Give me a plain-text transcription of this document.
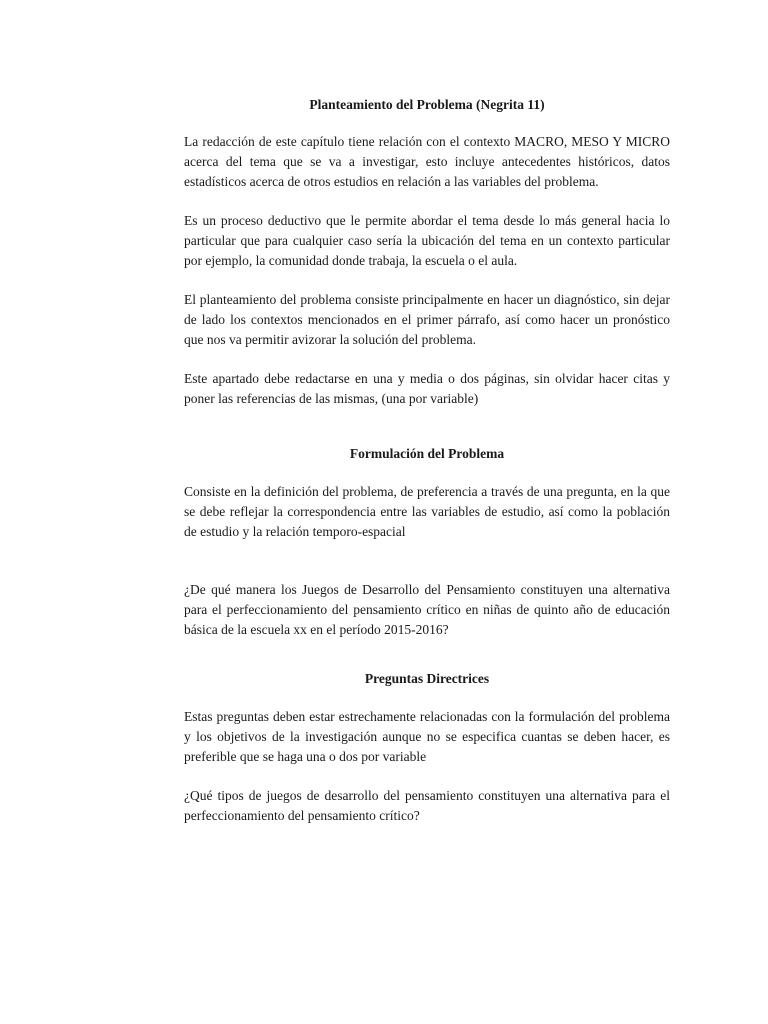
Planteamiento del Problema (Negrita 11)

La redacción de este capítulo tiene relación con el contexto MACRO, MESO Y MICRO acerca del tema que se va a investigar, esto incluye antecedentes históricos, datos estadísticos acerca de otros estudios en relación a las variables del problema.

Es un proceso deductivo que le permite abordar el tema desde lo más general hacia lo particular que para cualquier caso sería la ubicación del tema en un contexto particular por ejemplo, la comunidad donde trabaja, la escuela o el aula.

El planteamiento del problema consiste principalmente en hacer un diagnóstico, sin dejar de lado los contextos mencionados en el primer párrafo, así como hacer un pronóstico que nos va permitir avizorar la solución del problema.

Este apartado debe redactarse en una y media o dos páginas, sin olvidar hacer citas y poner las referencias de las mismas, (una por variable)

Formulación del Problema

Consiste en la definición del problema, de preferencia a través de una pregunta, en la que se debe reflejar la correspondencia entre las variables de estudio, así como la población de estudio y la relación temporo-espacial

¿De qué manera los Juegos de Desarrollo del Pensamiento constituyen una alternativa para el perfeccionamiento del pensamiento crítico en niñas de quinto año de educación básica de la escuela xx en el período 2015-2016?

Preguntas Directrices

Estas preguntas deben estar estrechamente relacionadas con la formulación del problema y los objetivos de la investigación aunque no se especifica cuantas se deben hacer, es preferible que se haga una o dos por variable

¿Qué tipos de juegos de desarrollo del pensamiento constituyen una alternativa para el perfeccionamiento del pensamiento crítico?
